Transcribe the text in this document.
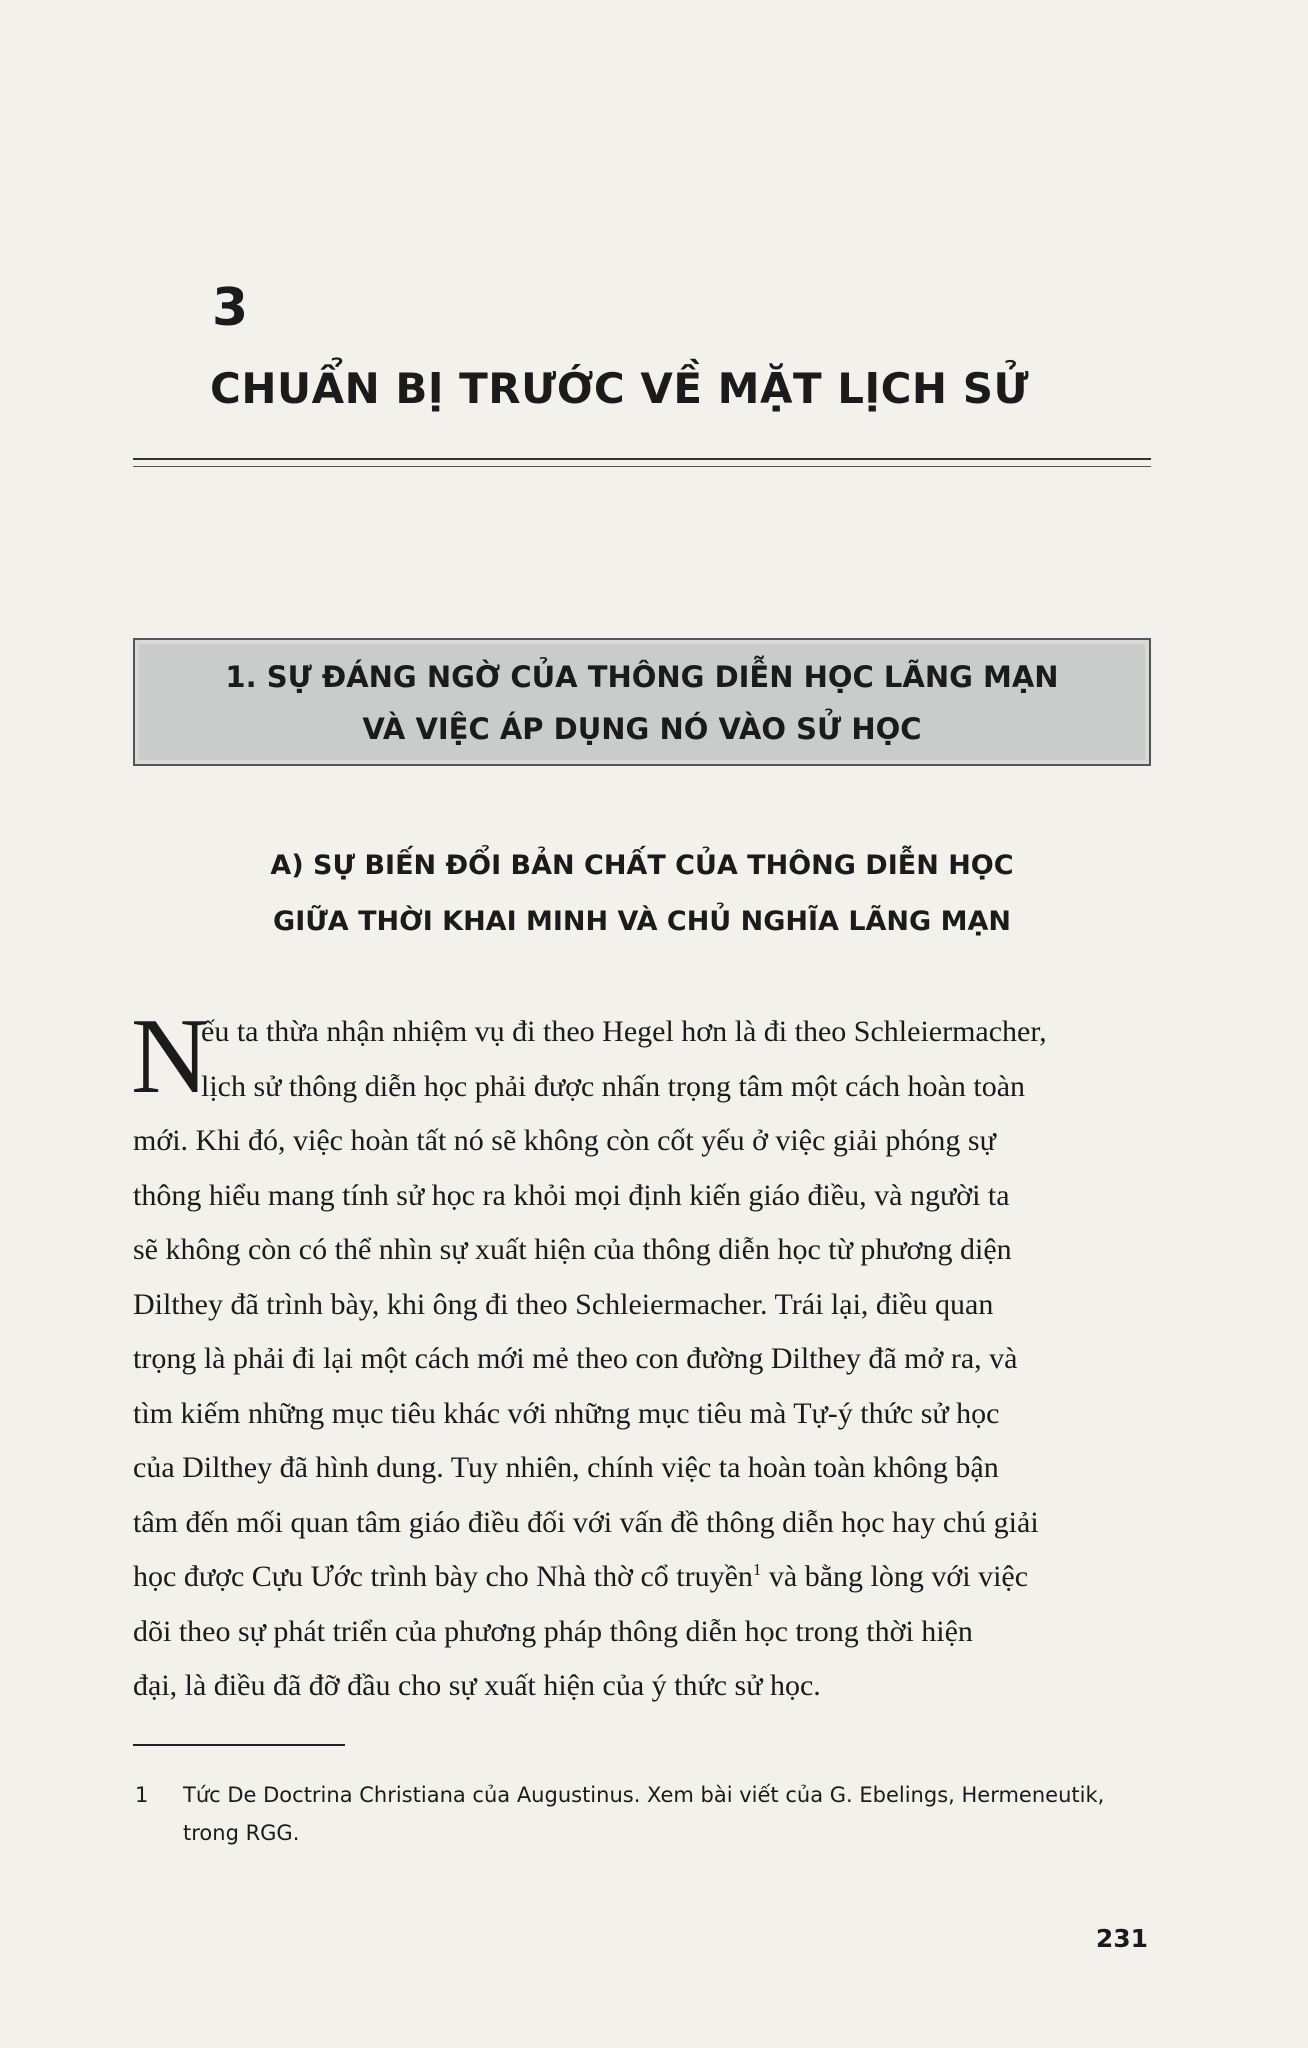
3
CHUẨN BỊ TRƯỚC VỀ MẶT LỊCH SỬ
1. SỰ ĐÁNG NGỜ CỦA THÔNG DIỄN HỌC LÃNG MẠN
VÀ VIỆC ÁP DỤNG NÓ VÀO SỬ HỌC
A) SỰ BIẾN ĐỔI BẢN CHẤT CỦA THÔNG DIỄN HỌC
GIỮA THỜI KHAI MINH VÀ CHỦ NGHĨA LÃNG MẠN
N
ếu ta thừa nhận nhiệm vụ đi theo Hegel hơn là đi theo Schleiermacher,
lịch sử thông diễn học phải được nhấn trọng tâm một cách hoàn toàn
mới. Khi đó, việc hoàn tất nó sẽ không còn cốt yếu ở việc giải phóng sự
thông hiểu mang tính sử học ra khỏi mọi định kiến giáo điều, và người ta
sẽ không còn có thể nhìn sự xuất hiện của thông diễn học từ phương diện
Dilthey đã trình bày, khi ông đi theo Schleiermacher. Trái lại, điều quan
trọng là phải đi lại một cách mới mẻ theo con đường Dilthey đã mở ra, và
tìm kiếm những mục tiêu khác với những mục tiêu mà Tự-ý thức sử học
của Dilthey đã hình dung. Tuy nhiên, chính việc ta hoàn toàn không bận
tâm đến mối quan tâm giáo điều đối với vấn đề thông diễn học hay chú giải
học được Cựu Ước trình bày cho Nhà thờ cổ truyền$^1$ và bằng lòng với việc
dõi theo sự phát triển của phương pháp thông diễn học trong thời hiện
đại, là điều đã đỡ đầu cho sự xuất hiện của ý thức sử học.
1 Tức De Doctrina Christiana của Augustinus. Xem bài viết của G. Ebelings, Hermeneutik,
trong RGG.
231
